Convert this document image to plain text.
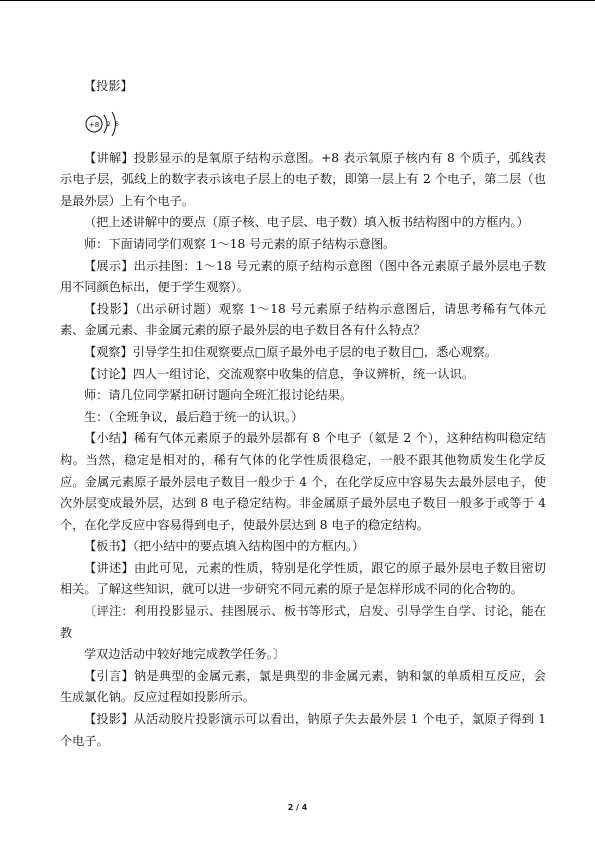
【投影】

+8 2 6

【讲解】投影显示的是氧原子结构示意图。+8 表示氧原子核内有 8 个质子，弧线表示电子层，弧线上的数字表示该电子层上的电子数，即第一层上有 2 个电子，第二层（也是最外层）上有个电子。

（把上述讲解中的要点（原子核、电子层、电子数）填入板书结构图中的方框内。）

师：下面请同学们观察 1～18 号元素的原子结构示意图。

【展示】出示挂图：1～18 号元素的原子结构示意图（图中各元素原子最外层电子数用不同颜色标出，便于学生观察）。

【投影】（出示研讨题）观察 1～18 号元素原子结构示意图后，请思考稀有气体元素、金属元素、非金属元素的原子最外层的电子数目各有什么特点？

【观察】引导学生扣住观察要点□原子最外电子层的电子数目□，悉心观察。

【讨论】四人一组讨论，交流观察中收集的信息，争议辨析，统一认识。

师：请几位同学紧扣研讨题向全班汇报讨论结果。

生：（全班争议，最后趋于统一的认识。）

【小结】稀有气体元素原子的最外层都有 8 个电子（氦是 2 个），这种结构叫稳定结构。当然，稳定是相对的，稀有气体的化学性质很稳定，一般不跟其他物质发生化学反应。金属元素原子最外层电子数目一般少于 4 个，在化学反应中容易失去最外层电子，使次外层变成最外层，达到 8 电子稳定结构。非金属原子最外层电子数目一般多于或等于 4 个，在化学反应中容易得到电子，使最外层达到 8 电子的稳定结构。

【板书】（把小结中的要点填入结构图中的方框内。）

【讲述】由此可见，元素的性质，特别是化学性质，跟它的原子最外层电子数目密切相关。了解这些知识，就可以进一步研究不同元素的原子是怎样形成不同的化合物的。

〔评注：利用投影显示、挂图展示、板书等形式，启发、引导学生自学、讨论，能在教
学双边活动中较好地完成教学任务。〕

【引言】钠是典型的金属元素，氯是典型的非金属元素，钠和氯的单质相互反应，会生成氯化钠。反应过程如投影所示。

【投影】从活动胶片投影演示可以看出，钠原子失去最外层 1 个电子，氯原子得到 1 个电子。

2 / 4
